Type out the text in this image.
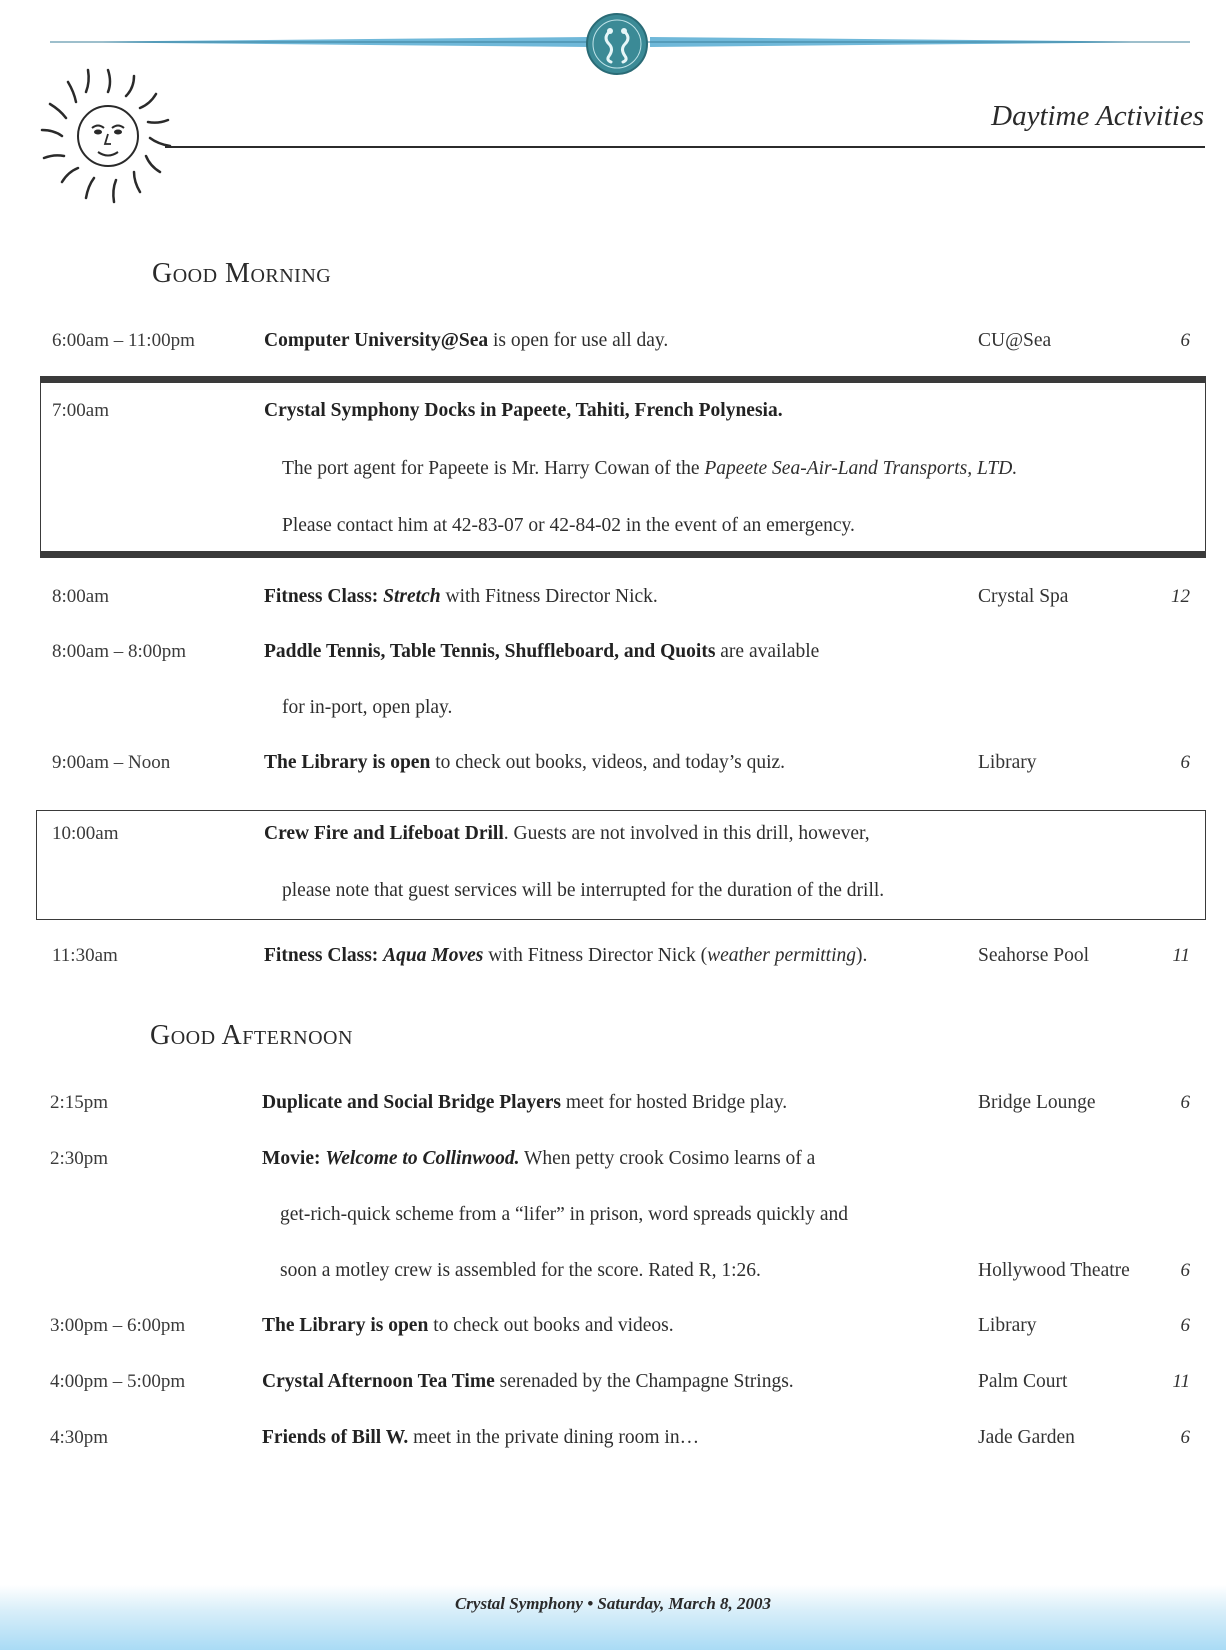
Daytime Activities
Good Morning
6:00am – 11:00pm	Computer University@Sea is open for use all day.	CU@Sea	6
7:00am	Crystal Symphony Docks in Papeete, Tahiti, French Polynesia.
The port agent for Papeete is Mr. Harry Cowan of the Papeete Sea-Air-Land Transports, LTD.
Please contact him at 42-83-07 or 42-84-02 in the event of an emergency.
8:00am	Fitness Class: Stretch with Fitness Director Nick.	Crystal Spa	12
8:00am – 8:00pm	Paddle Tennis, Table Tennis, Shuffleboard, and Quoits are available
for in-port, open play.
9:00am – Noon	The Library is open to check out books, videos, and today’s quiz.	Library	6
10:00am	Crew Fire and Lifeboat Drill. Guests are not involved in this drill, however,
please note that guest services will be interrupted for the duration of the drill.
11:30am	Fitness Class: Aqua Moves with Fitness Director Nick (weather permitting).	Seahorse Pool	11
Good Afternoon
2:15pm	Duplicate and Social Bridge Players meet for hosted Bridge play.	Bridge Lounge	6
2:30pm	Movie: Welcome to Collinwood. When petty crook Cosimo learns of a
get-rich-quick scheme from a “lifer” in prison, word spreads quickly and
soon a motley crew is assembled for the score. Rated R, 1:26.	Hollywood Theatre	6
3:00pm – 6:00pm	The Library is open to check out books and videos.	Library	6
4:00pm – 5:00pm	Crystal Afternoon Tea Time serenaded by the Champagne Strings.	Palm Court	11
4:30pm	Friends of Bill W. meet in the private dining room in…	Jade Garden	6
Crystal Symphony • Saturday, March 8, 2003
